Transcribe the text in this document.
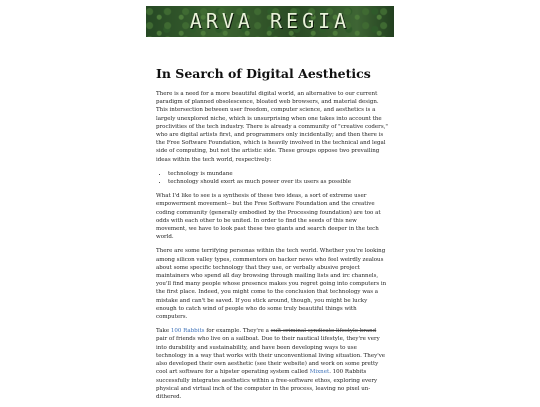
ARVA REGIA
In Search of Digital Aesthetics

There is a need for a more beautiful digital world, an alternative to our current paradigm of planned obsolescence, bloated web browsers, and material design. This intersection between user freedom, computer science, and aesthetics is a largely unexplored niche, which is unsurprising when one takes into account the proclivities of the tech industry. There is already a community of "creative coders," who are digital artists first, and programmers only incidentally; and then there is the Free Software Foundation, which is heavily involved in the technical and legal side of computing, but not the artistic side. These groups oppose two prevailing ideas within the tech world, respectively:

• technology is mundane
• technology should exert as much power over its users as possible

What I'd like to see is a synthesis of these two ideas, a sort of extreme user empowerment movement-- but the Free Software Foundation and the creative coding community (generally embodied by the Processing foundation) are too at odds with each other to be united. In order to find the seeds of this new movement, we have to look past these two giants and search deeper in the tech world.

There are some terrifying personas within the tech world. Whether you're looking among silicon valley types, commentors on hacker news who feel weirdly zealous about some specific technology that they use, or verbally abusive project maintainers who spend all day browsing through mailing lists and irc channels, you'll find many people whose presence makes you regret going into computers in the first place. Indeed, you might come to the conclusion that technology was a mistake and can't be saved. If you stick around, though, you might be lucky enough to catch wind of people who do some truly beautiful things with computers.

Take 100 Rabbits for example. They're a cult criminal syndicate lifestyle brand pair of friends who live on a sailboat. Due to their nautical lifestyle, they're very into durability and sustainability, and have been developing ways to use technology in a way that works with their unconventional living situation. They've also developed their own aesthetic (see their website) and work on some pretty cool art software for a hipster operating system called Mixnet. 100 Rabbits successfully integrates aesthetics within a free-software ethos, exploring every physical and virtual inch of the computer in the process, leaving no pixel un-dithered.
